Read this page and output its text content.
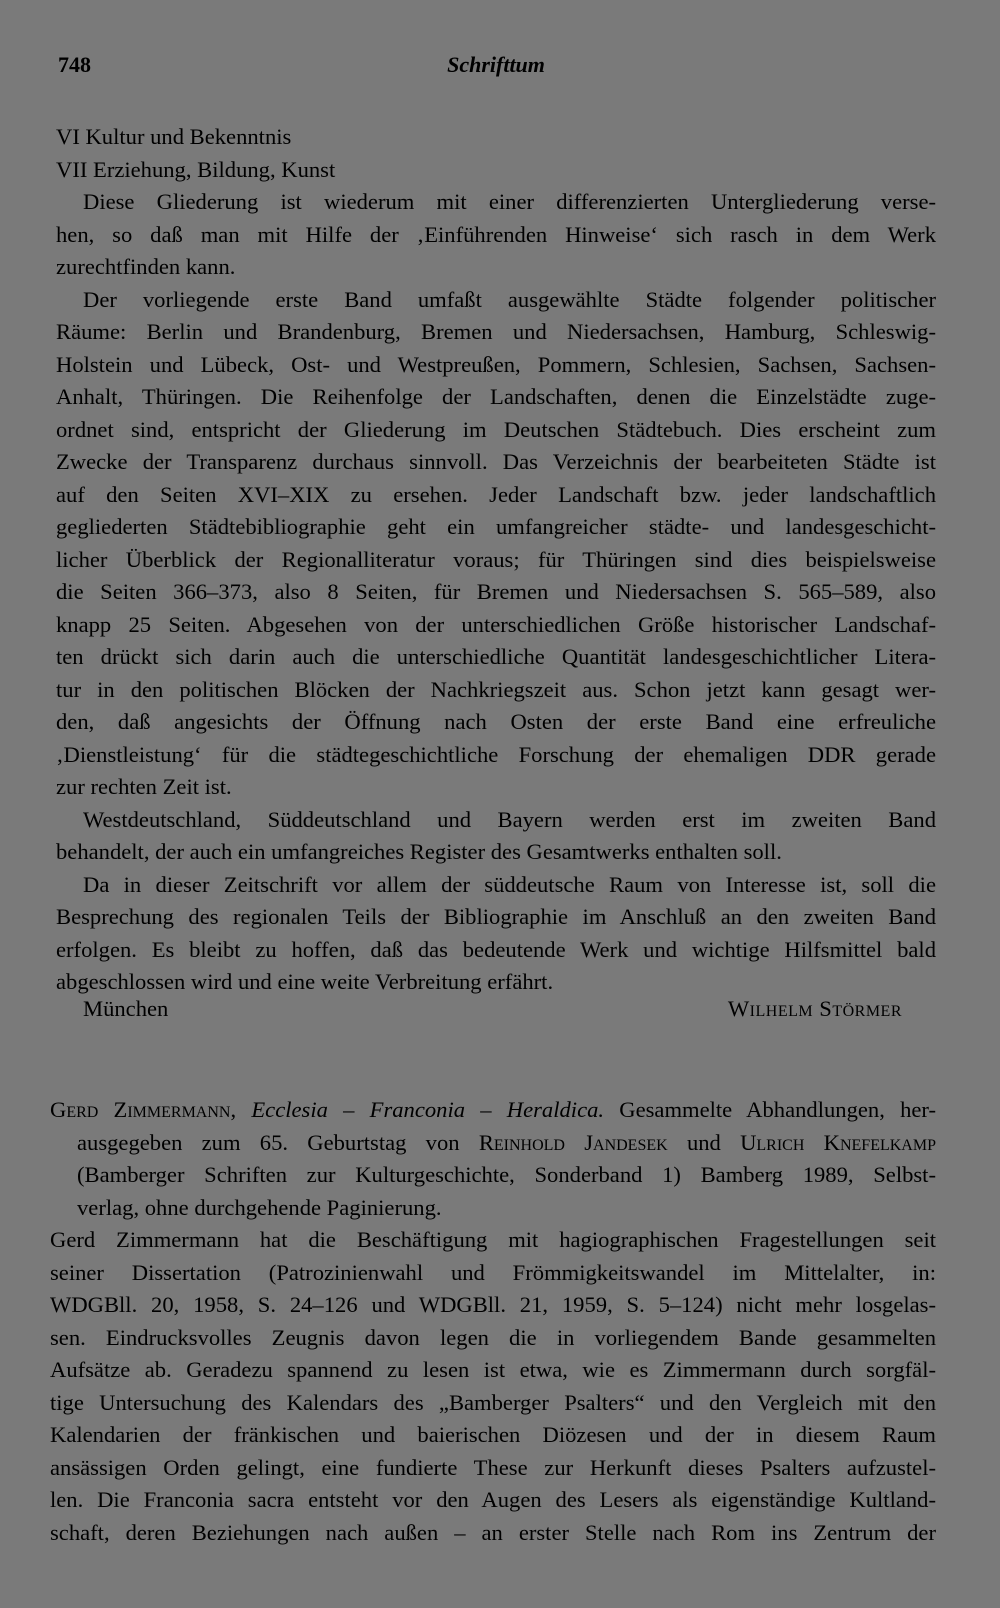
748	Schrifttum
VI Kultur und Bekenntnis
VII Erziehung, Bildung, Kunst
Diese Gliederung ist wiederum mit einer differenzierten Untergliederung verse-
hen, so daß man mit Hilfe der ‚Einführenden Hinweise‘ sich rasch in dem Werk
zurechtfinden kann.
Der vorliegende erste Band umfaßt ausgewählte Städte folgender politischer
Räume: Berlin und Brandenburg, Bremen und Niedersachsen, Hamburg, Schleswig-
Holstein und Lübeck, Ost- und Westpreußen, Pommern, Schlesien, Sachsen, Sachsen-
Anhalt, Thüringen. Die Reihenfolge der Landschaften, denen die Einzelstädte zuge-
ordnet sind, entspricht der Gliederung im Deutschen Städtebuch. Dies erscheint zum
Zwecke der Transparenz durchaus sinnvoll. Das Verzeichnis der bearbeiteten Städte ist
auf den Seiten XVI–XIX zu ersehen. Jeder Landschaft bzw. jeder landschaftlich
gegliederten Städtebibliographie geht ein umfangreicher städte- und landesgeschicht-
licher Überblick der Regionalliteratur voraus; für Thüringen sind dies beispielsweise
die Seiten 366–373, also 8 Seiten, für Bremen und Niedersachsen S. 565–589, also
knapp 25 Seiten. Abgesehen von der unterschiedlichen Größe historischer Landschaf-
ten drückt sich darin auch die unterschiedliche Quantität landesgeschichtlicher Litera-
tur in den politischen Blöcken der Nachkriegszeit aus. Schon jetzt kann gesagt wer-
den, daß angesichts der Öffnung nach Osten der erste Band eine erfreuliche
‚Dienstleistung‘ für die städtegeschichtliche Forschung der ehemaligen DDR gerade
zur rechten Zeit ist.
Westdeutschland, Süddeutschland und Bayern werden erst im zweiten Band
behandelt, der auch ein umfangreiches Register des Gesamtwerks enthalten soll.
Da in dieser Zeitschrift vor allem der süddeutsche Raum von Interesse ist, soll die
Besprechung des regionalen Teils der Bibliographie im Anschluß an den zweiten Band
erfolgen. Es bleibt zu hoffen, daß das bedeutende Werk und wichtige Hilfsmittel bald
abgeschlossen wird und eine weite Verbreitung erfährt.
München	Wilhelm Störmer
Gerd Zimmermann, Ecclesia – Franconia – Heraldica. Gesammelte Abhandlungen, her-
ausgegeben zum 65. Geburtstag von Reinhold Jandesek und Ulrich Knefelkamp
(Bamberger Schriften zur Kulturgeschichte, Sonderband 1) Bamberg 1989, Selbst-
verlag, ohne durchgehende Paginierung.
Gerd Zimmermann hat die Beschäftigung mit hagiographischen Fragestellungen seit
seiner Dissertation (Patrozinienwahl und Frömmigkeitswandel im Mittelalter, in:
WDGBll. 20, 1958, S. 24–126 und WDGBll. 21, 1959, S. 5–124) nicht mehr losgelas-
sen. Eindrucksvolles Zeugnis davon legen die in vorliegendem Bande gesammelten
Aufsätze ab. Geradezu spannend zu lesen ist etwa, wie es Zimmermann durch sorgfäl-
tige Untersuchung des Kalendars des „Bamberger Psalters“ und den Vergleich mit den
Kalendarien der fränkischen und baierischen Diözesen und der in diesem Raum
ansässigen Orden gelingt, eine fundierte These zur Herkunft dieses Psalters aufzustel-
len. Die Franconia sacra entsteht vor den Augen des Lesers als eigenständige Kultland-
schaft, deren Beziehungen nach außen – an erster Stelle nach Rom ins Zentrum der
